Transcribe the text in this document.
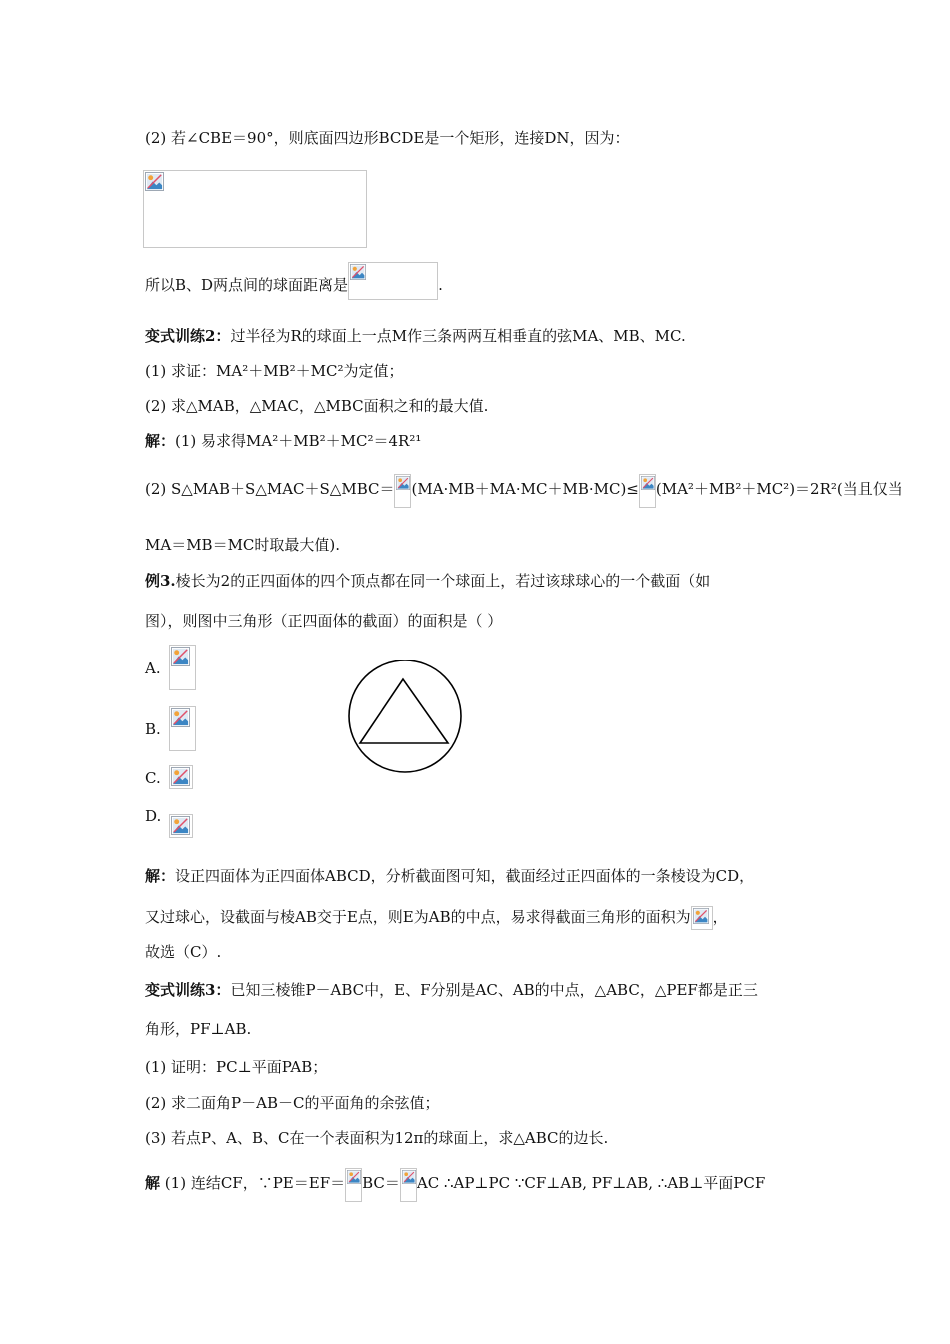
(2) 若∠CBE＝90°，则底面四边形BCDE是一个矩形，连接DN，因为：
所以B、D两点间的球面距离是	.
变式训练2：过半径为R的球面上一点M作三条两两互相垂直的弦MA、MB、MC.
(1) 求证：MA²＋MB²＋MC²为定值；
(2) 求△MAB，△MAC，△MBC面积之和的最大值.
解：(1) 易求得MA²＋MB²＋MC²＝4R²¹
(2) S△MAB＋S△MAC＋S△MBC＝ (MA·MB＋MA·MC＋MB·MC)≤ (MA²＋MB²＋MC²)＝2R²(当且仅当
MA＝MB＝MC时取最大值).
例3.棱长为2的正四面体的四个顶点都在同一个球面上，若过该球球心的一个截面（如
图），则图中三角形（正四面体的截面）的面积是（ ）
A.
B.
C.
D.
解：设正四面体为正四面体ABCD，分析截面图可知，截面经过正四面体的一条棱设为CD，
又过球心，设截面与棱AB交于E点，则E为AB的中点，易求得截面三角形的面积为 ，
故选（C）.
变式训练3：已知三棱锥P－ABC中，E、F分别是AC、AB的中点，△ABC，△PEF都是正三
角形，PF⊥AB.
(1) 证明：PC⊥平面PAB；
(2) 求二面角P－AB－C的平面角的余弦值；
(3) 若点P、A、B、C在一个表面积为12π的球面上，求△ABC的边长.
解 (1) 连结CF，∵PE＝EF＝ BC＝ AC ∴AP⊥PC ∵CF⊥AB, PF⊥AB, ∴AB⊥平面PCF
